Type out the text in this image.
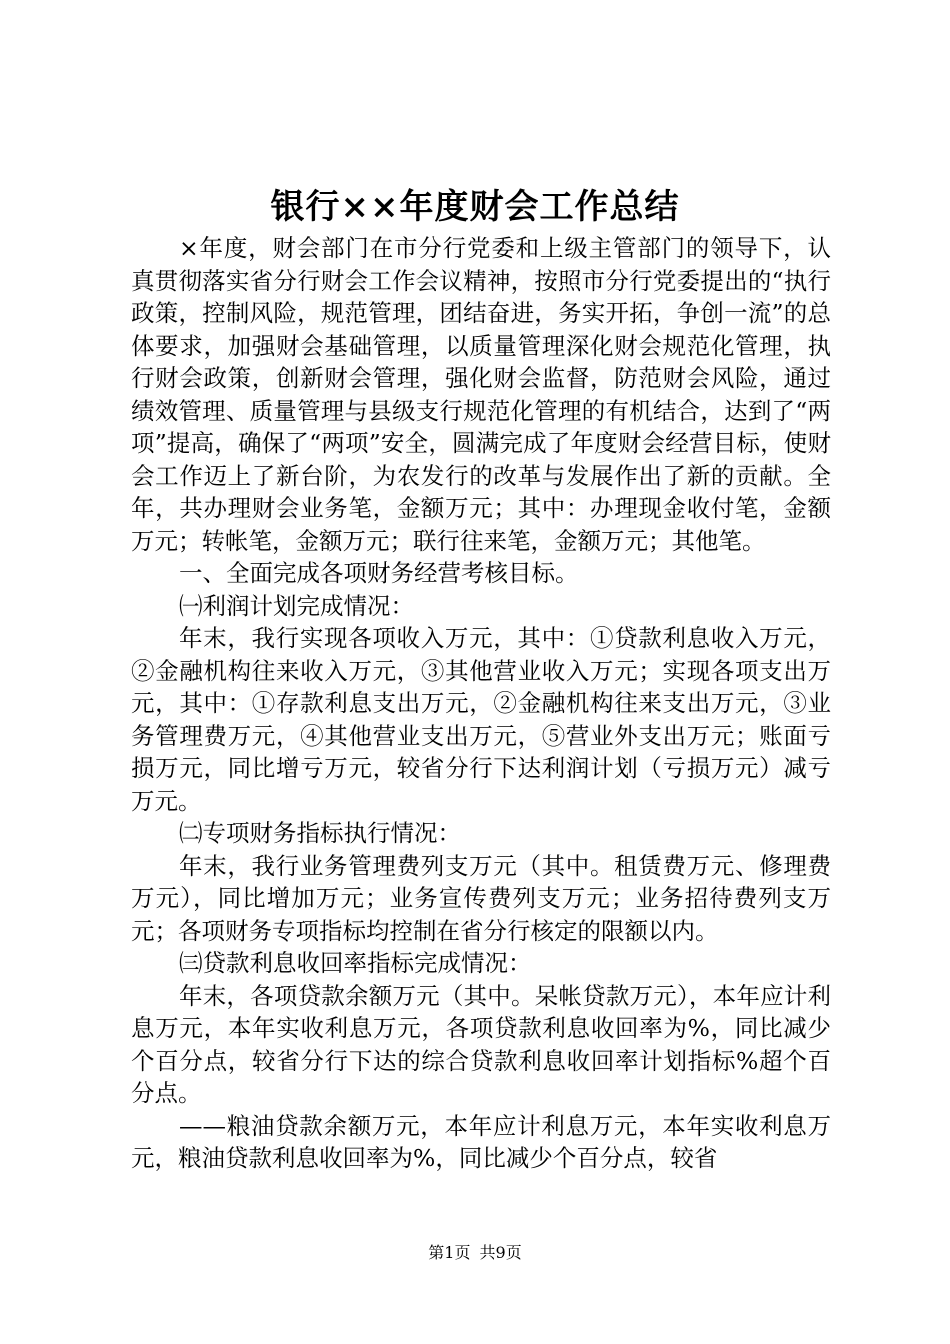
银行××年度财会工作总结

×年度，财会部门在市分行党委和上级主管部门的领导下，认真贯彻落实省分行财会工作会议精神，按照市分行党委提出的“执行政策，控制风险，规范管理，团结奋进，务实开拓，争创一流”的总体要求，加强财会基础管理，以质量管理深化财会规范化管理，执行财会政策，创新财会管理，强化财会监督，防范财会风险，通过绩效管理、质量管理与县级支行规范化管理的有机结合，达到了“两项”提高，确保了“两项”安全，圆满完成了年度财会经营目标，使财会工作迈上了新台阶，为农发行的改革与发展作出了新的贡献。全年，共办理财会业务笔，金额万元；其中：办理现金收付笔，金额万元；转帐笔，金额万元；联行往来笔，金额万元；其他笔。

一、全面完成各项财务经营考核目标。

㈠利润计划完成情况：

年末，我行实现各项收入万元，其中：①贷款利息收入万元，②金融机构往来收入万元，③其他营业收入万元；实现各项支出万元，其中：①存款利息支出万元，②金融机构往来支出万元，③业务管理费万元，④其他营业支出万元，⑤营业外支出万元；账面亏损万元，同比增亏万元，较省分行下达利润计划（亏损万元）减亏万元。

㈡专项财务指标执行情况：

年末，我行业务管理费列支万元（其中。租赁费万元、修理费万元），同比增加万元；业务宣传费列支万元；业务招待费列支万元；各项财务专项指标均控制在省分行核定的限额以内。

㈢贷款利息收回率指标完成情况：

年末，各项贷款余额万元（其中。呆帐贷款万元），本年应计利息万元，本年实收利息万元，各项贷款利息收回率为%，同比减少个百分点，较省分行下达的综合贷款利息收回率计划指标%超个百分点。

——粮油贷款余额万元，本年应计利息万元，本年实收利息万元，粮油贷款利息收回率为%，同比减少个百分点，较省

第1页 共9页
